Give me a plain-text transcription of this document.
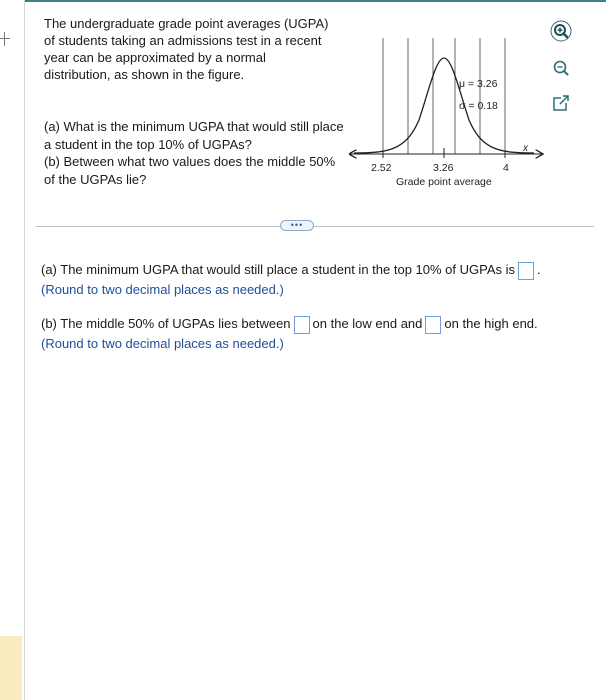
The undergraduate grade point averages (UGPA) of students taking an admissions test in a recent year can be approximated by a normal distribution, as shown in the figure.

(a) What is the minimum UGPA that would still place a student in the top 10% of UGPAs?

(b) Between what two values does the middle 50% of the UGPAs lie?

μ = 3.26
σ = 0.18
x
2.52	3.26	4
Grade point average
•••

(a) The minimum UGPA that would still place a student in the top 10% of UGPAs is .

(Round to two decimal places as needed.)

(b) The middle 50% of UGPAs lies between on the low end and on the high end.

(Round to two decimal places as needed.)
